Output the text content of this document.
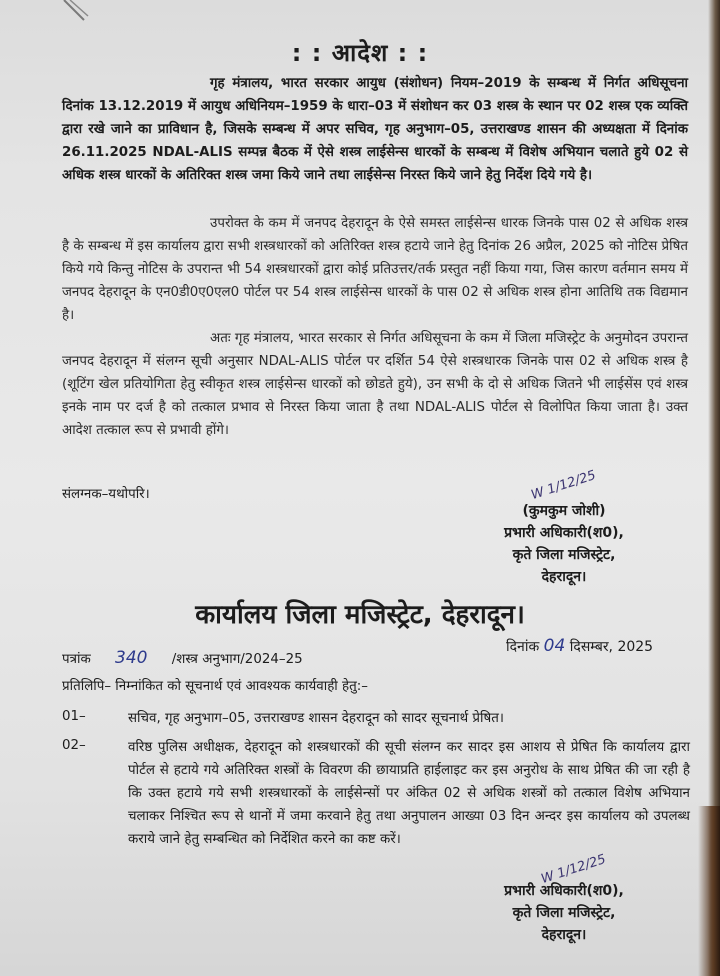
: : आदेश : :

गृह मंत्रालय, भारत सरकार आयुध (संशोधन) नियम–2019 के सम्बन्ध में निर्गत अधिसूचना दिनांक 13.12.2019 में आयुध अधिनियम–1959 के धारा–03 में संशोधन कर 03 शस्त्र के स्थान पर 02 शस्त्र एक व्यक्ति द्वारा रखे जाने का प्राविधान है, जिसके सम्बन्ध में अपर सचिव, गृह अनुभाग–05, उत्तराखण्ड शासन की अध्यक्षता में दिनांक 26.11.2025 NDAL-ALIS सम्पन्न बैठक में ऐसे शस्त्र लाईसेन्स धारकों के सम्बन्ध में विशेष अभियान चलाते हुये 02 से अधिक शस्त्र धारकों के अतिरिक्त शस्त्र जमा किये जाने तथा लाईसेन्स निरस्त किये जाने हेतु निर्देश दिये गये है।

उपरोक्त के कम में जनपद देहरादून के ऐसे समस्त लाईसेन्स धारक जिनके पास 02 से अधिक शस्त्र है के सम्बन्ध में इस कार्यालय द्वारा सभी शस्त्रधारकों को अतिरिक्त शस्त्र हटाये जाने हेतु दिनांक 26 अप्रैल, 2025 को नोटिस प्रेषित किये गये किन्तु नोटिस के उपरान्त भी 54 शस्त्रधारकों द्वारा कोई प्रतिउत्तर/तर्क प्रस्तुत नहीं किया गया, जिस कारण वर्तमान समय में जनपद देहरादून के एन0डी0ए0एल0 पोर्टल पर 54 शस्त्र लाईसेन्स धारकों के पास 02 से अधिक शस्त्र होना आतिथि तक विद्यमान है।

अतः गृह मंत्रालय, भारत सरकार से निर्गत अधिसूचना के कम में जिला मजिस्ट्रेट के अनुमोदन उपरान्त जनपद देहरादून में संलग्न सूची अनुसार NDAL-ALIS पोर्टल पर दर्शित 54 ऐसे शस्त्रधारक जिनके पास 02 से अधिक शस्त्र है (शूटिंग खेल प्रतियोगिता हेतु स्वीकृत शस्त्र लाईसेन्स धारकों को छोडते हुये), उन सभी के दो से अधिक जितने भी लाईसेंस एवं शस्त्र इनके नाम पर दर्ज है को तत्काल प्रभाव से निरस्त किया जाता है तथा NDAL-ALIS पोर्टल से विलोपित किया जाता है। उक्त आदेश तत्काल रूप से प्रभावी होंगे।

संलग्नक–यथोपरि।	W 1/12/25
(कुमकुम जोशी)
प्रभारी अधिकारी(श0),
कृते जिला मजिस्ट्रेट,
देहरादून।
कार्यालय जिला मजिस्ट्रेट, देहरादून।
दिनांक 04 दिसम्बर, 2025
पत्रांक 340 /शस्त्र अनुभाग/2024–25
प्रतिलिपि– निम्नांकित को सूचनार्थ एवं आवश्यक कार्यवाही हेतु:–
01–	सचिव, गृह अनुभाग–05, उत्तराखण्ड शासन देहरादून को सादर सूचनार्थ प्रेषित।

02–	वरिष्ठ पुलिस अधीक्षक, देहरादून को शस्त्रधारकों की सूची संलग्न कर सादर इस आशय से प्रेषित कि कार्यालय द्वारा पोर्टल से हटाये गये अतिरिक्त शस्त्रों के विवरण की छायाप्रति हाईलाइट कर इस अनुरोध के साथ प्रेषित की जा रही है कि उक्त हटाये गये सभी शस्त्रधारकों के लाईसेन्सों पर अंकित 02 से अधिक शस्त्रों को तत्काल विशेष अभियान चलाकर निश्चित रूप से थानों में जमा करवाने हेतु तथा अनुपालन आख्या 03 दिन अन्दर इस कार्यालय को उपलब्ध कराये जाने हेतु सम्बन्धित को निर्देशित करने का कष्ट करें।

W 1/12/25
प्रभारी अधिकारी(श0),
कृते जिला मजिस्ट्रेट,
देहरादून।
